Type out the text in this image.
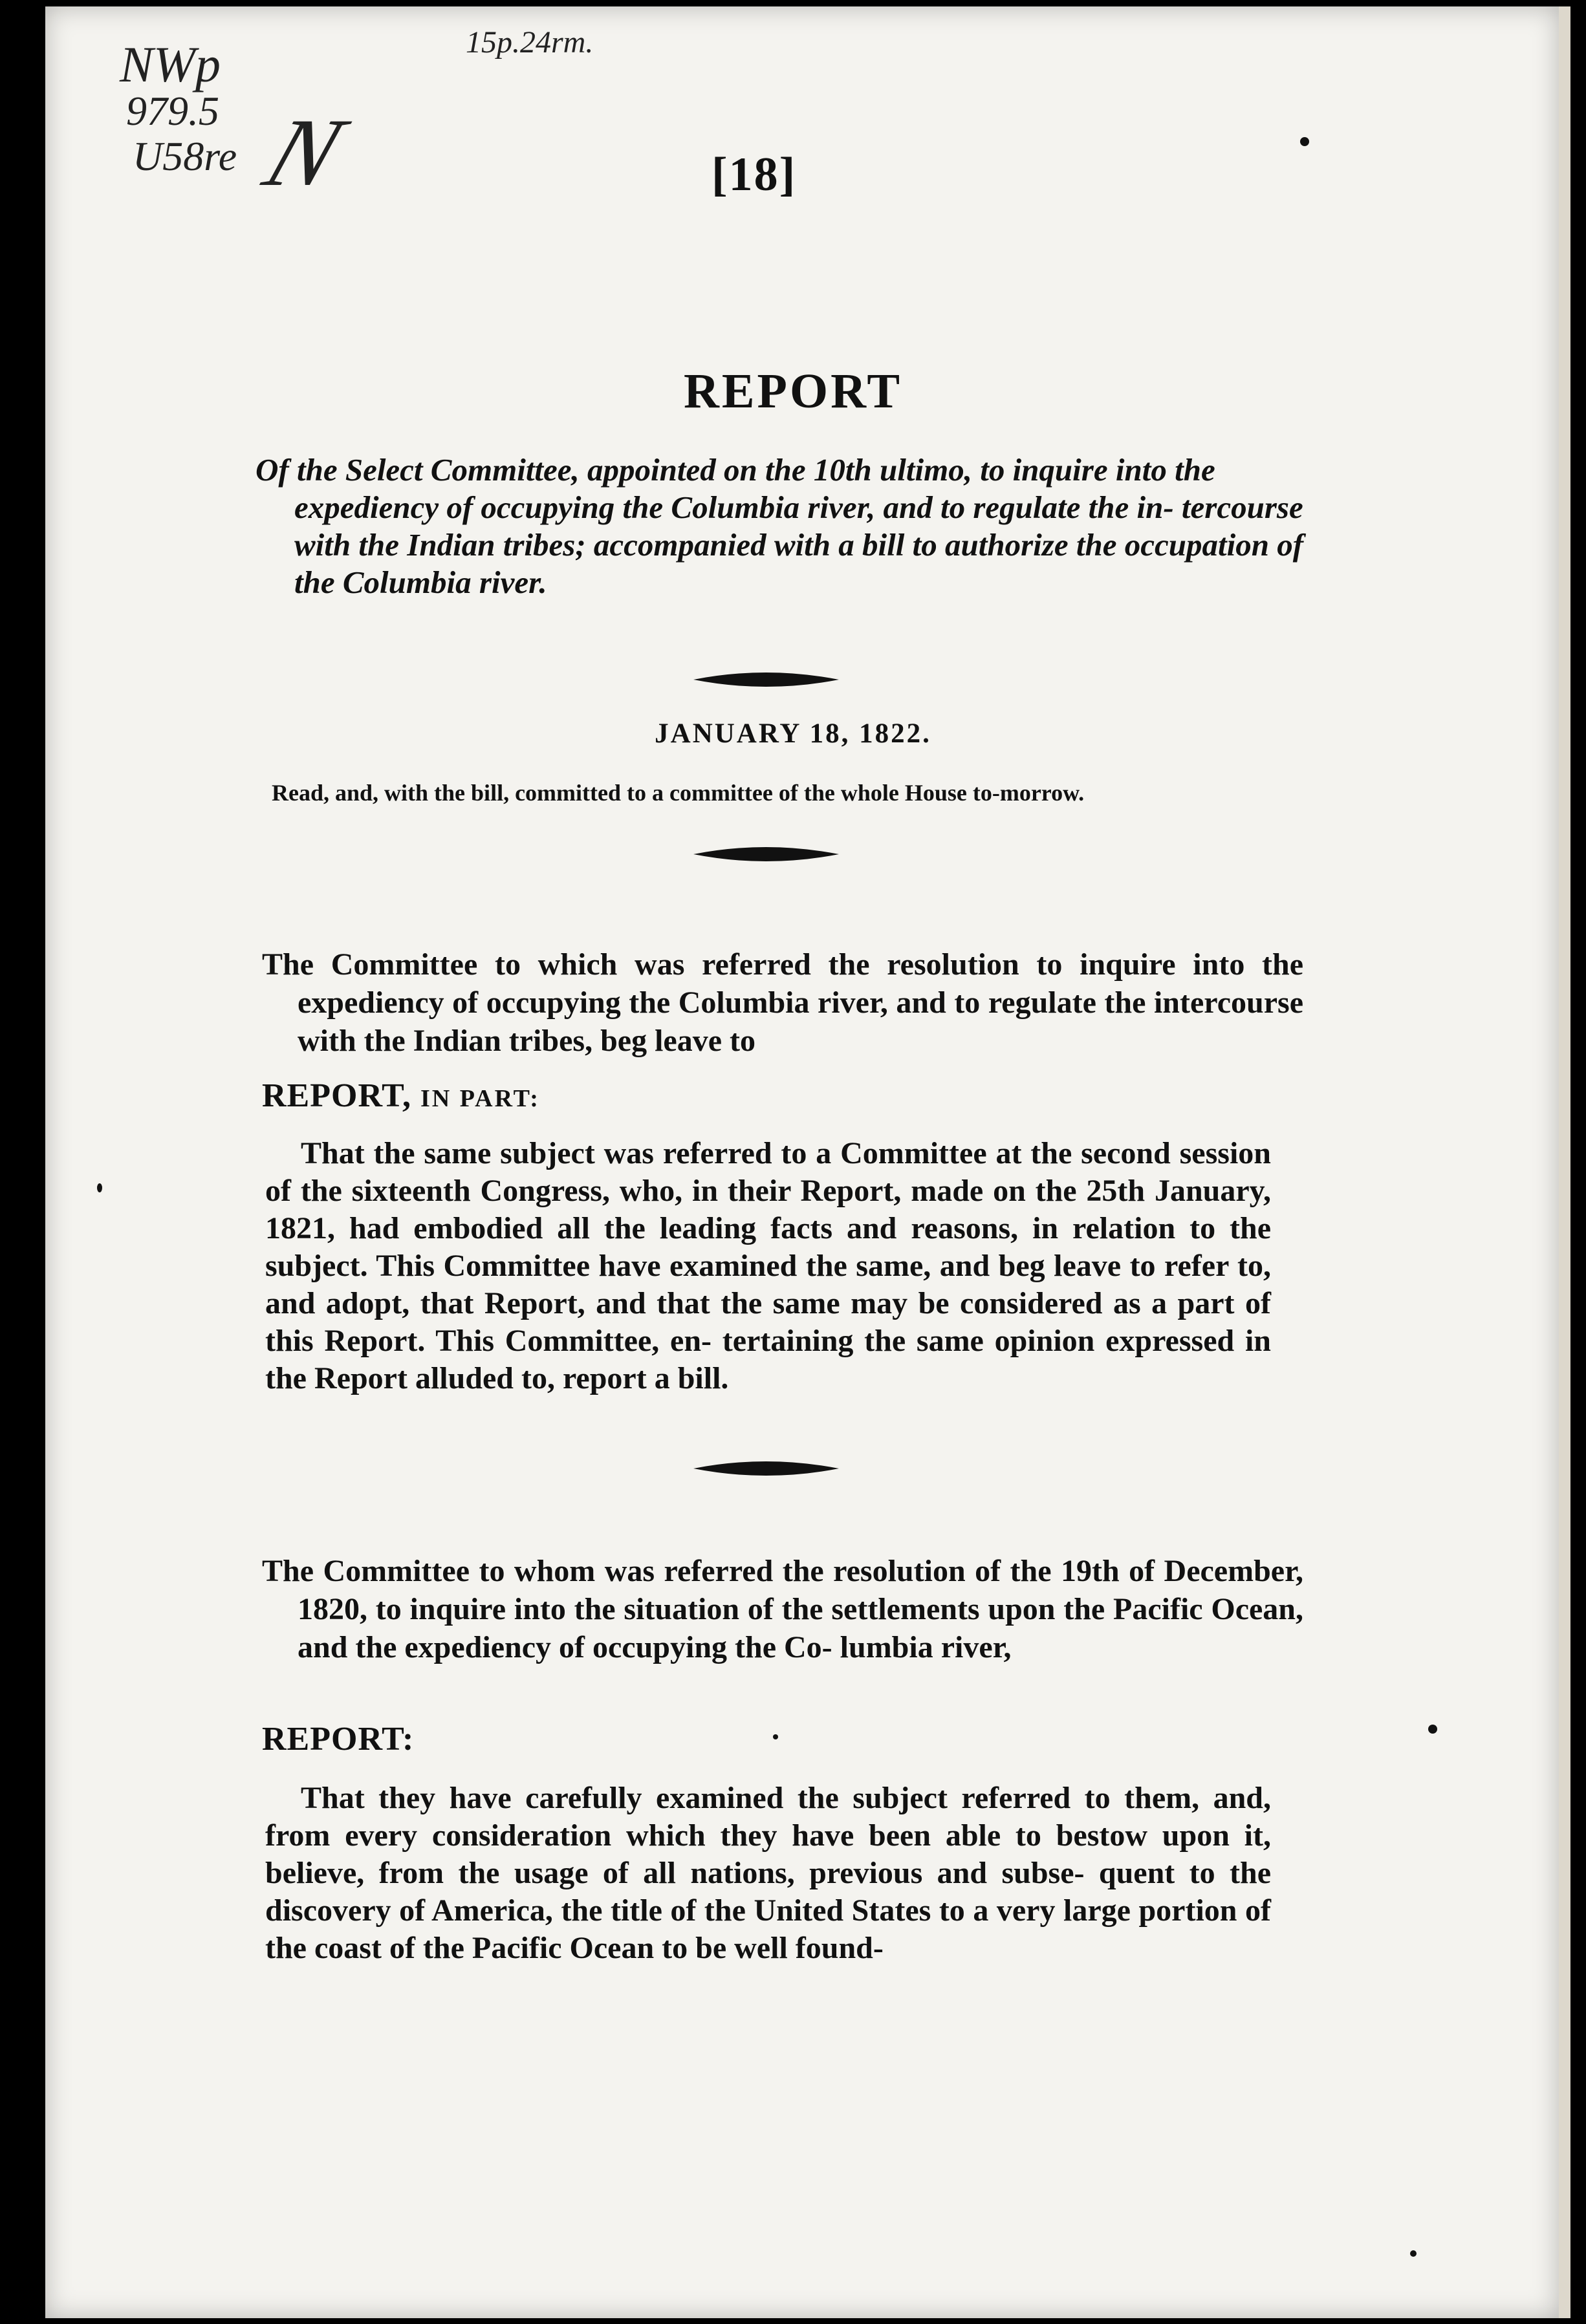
NWp
979.5
U58re N
15p.24rm.
[18]
REPORT
Of the Select Committee, appointed on the 10th ultimo, to inquire into the expediency of occupying the Columbia river, and to regulate the in- tercourse with the Indian tribes; accompanied with a bill to authorize the occupation of the Columbia river.
JANUARY 18, 1822.
Read, and, with the bill, committed to a committee of the whole House to-morrow.
The Committee to which was referred the resolution to inquire into the expediency of occupying the Columbia river, and to regulate the intercourse with the Indian tribes, beg leave to
REPORT, IN PART:
That the same subject was referred to a Committee at the second session of the sixteenth Congress, who, in their Report, made on the 25th January, 1821, had embodied all the leading facts and reasons, in relation to the subject. This Committee have examined the same, and beg leave to refer to, and adopt, that Report, and that the same may be considered as a part of this Report. This Committee, en- tertaining the same opinion expressed in the Report alluded to, report a bill.
The Committee to whom was referred the resolution of the 19th of December, 1820, to inquire into the situation of the settlements upon the Pacific Ocean, and the expediency of occupying the Co- lumbia river,
REPORT:
That they have carefully examined the subject referred to them, and, from every consideration which they have been able to bestow upon it, believe, from the usage of all nations, previous and subse- quent to the discovery of America, the title of the United States to a very large portion of the coast of the Pacific Ocean to be well found-
